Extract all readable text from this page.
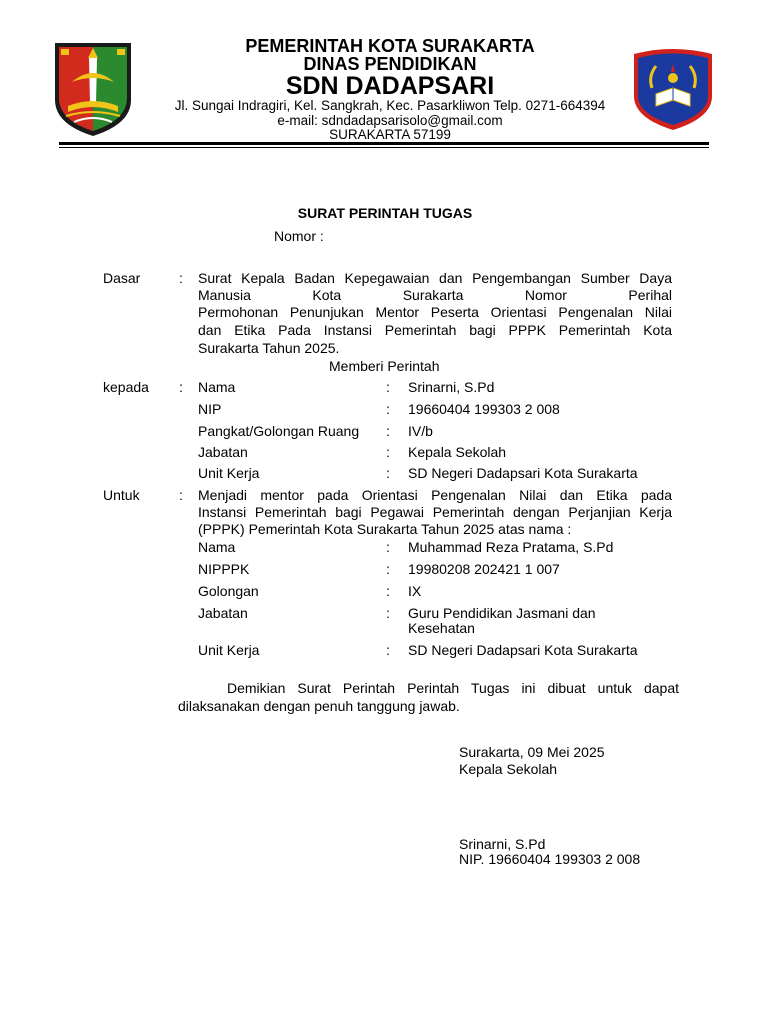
PEMERINTAH KOTA SURAKARTA
DINAS PENDIDIKAN
SDN DADAPSARI
Jl. Sungai Indragiri, Kel. Sangkrah, Kec. Pasarkliwon Telp. 0271-664394
e-mail: sdndadapsarisolo@gmail.com
SURAKARTA 57199
SURAT PERINTAH TUGAS
Nomor :
Dasar	: Surat Kepala Badan Kepegawaian dan Pengembangan Sumber Daya
Manusia Kota Surakarta Nomor Perihal
Permohonan Penunjukan Mentor Peserta Orientasi Pengenalan Nilai
dan Etika Pada Instansi Pemerintah bagi PPPK Pemerintah Kota
Surakarta Tahun 2025.
Memberi Perintah
kepada : Nama	: Srinarni, S.Pd
NIP	: 19660404 199303 2 008
Pangkat/Golongan Ruang : IV/b
Jabatan	: Kepala Sekolah
Unit Kerja	: SD Negeri Dadapsari Kota Surakarta
Untuk	: Menjadi mentor pada Orientasi Pengenalan Nilai dan Etika pada
Instansi Pemerintah bagi Pegawai Pemerintah dengan Perjanjian Kerja
(PPPK) Pemerintah Kota Surakarta Tahun 2025 atas nama :
Nama	: Muhammad Reza Pratama, S.Pd
NIPPPK	: 19980208 202421 1 007
Golongan	: IX
Jabatan	: Guru Pendidikan Jasmani dan
Kesehatan
Unit Kerja	: SD Negeri Dadapsari Kota Surakarta
Demikian Surat Perintah Perintah Tugas ini dibuat untuk dapat
dilaksanakan dengan penuh tanggung jawab.
Surakarta, 09 Mei 2025
Kepala Sekolah
Srinarni, S.Pd
NIP. 19660404 199303 2 008
